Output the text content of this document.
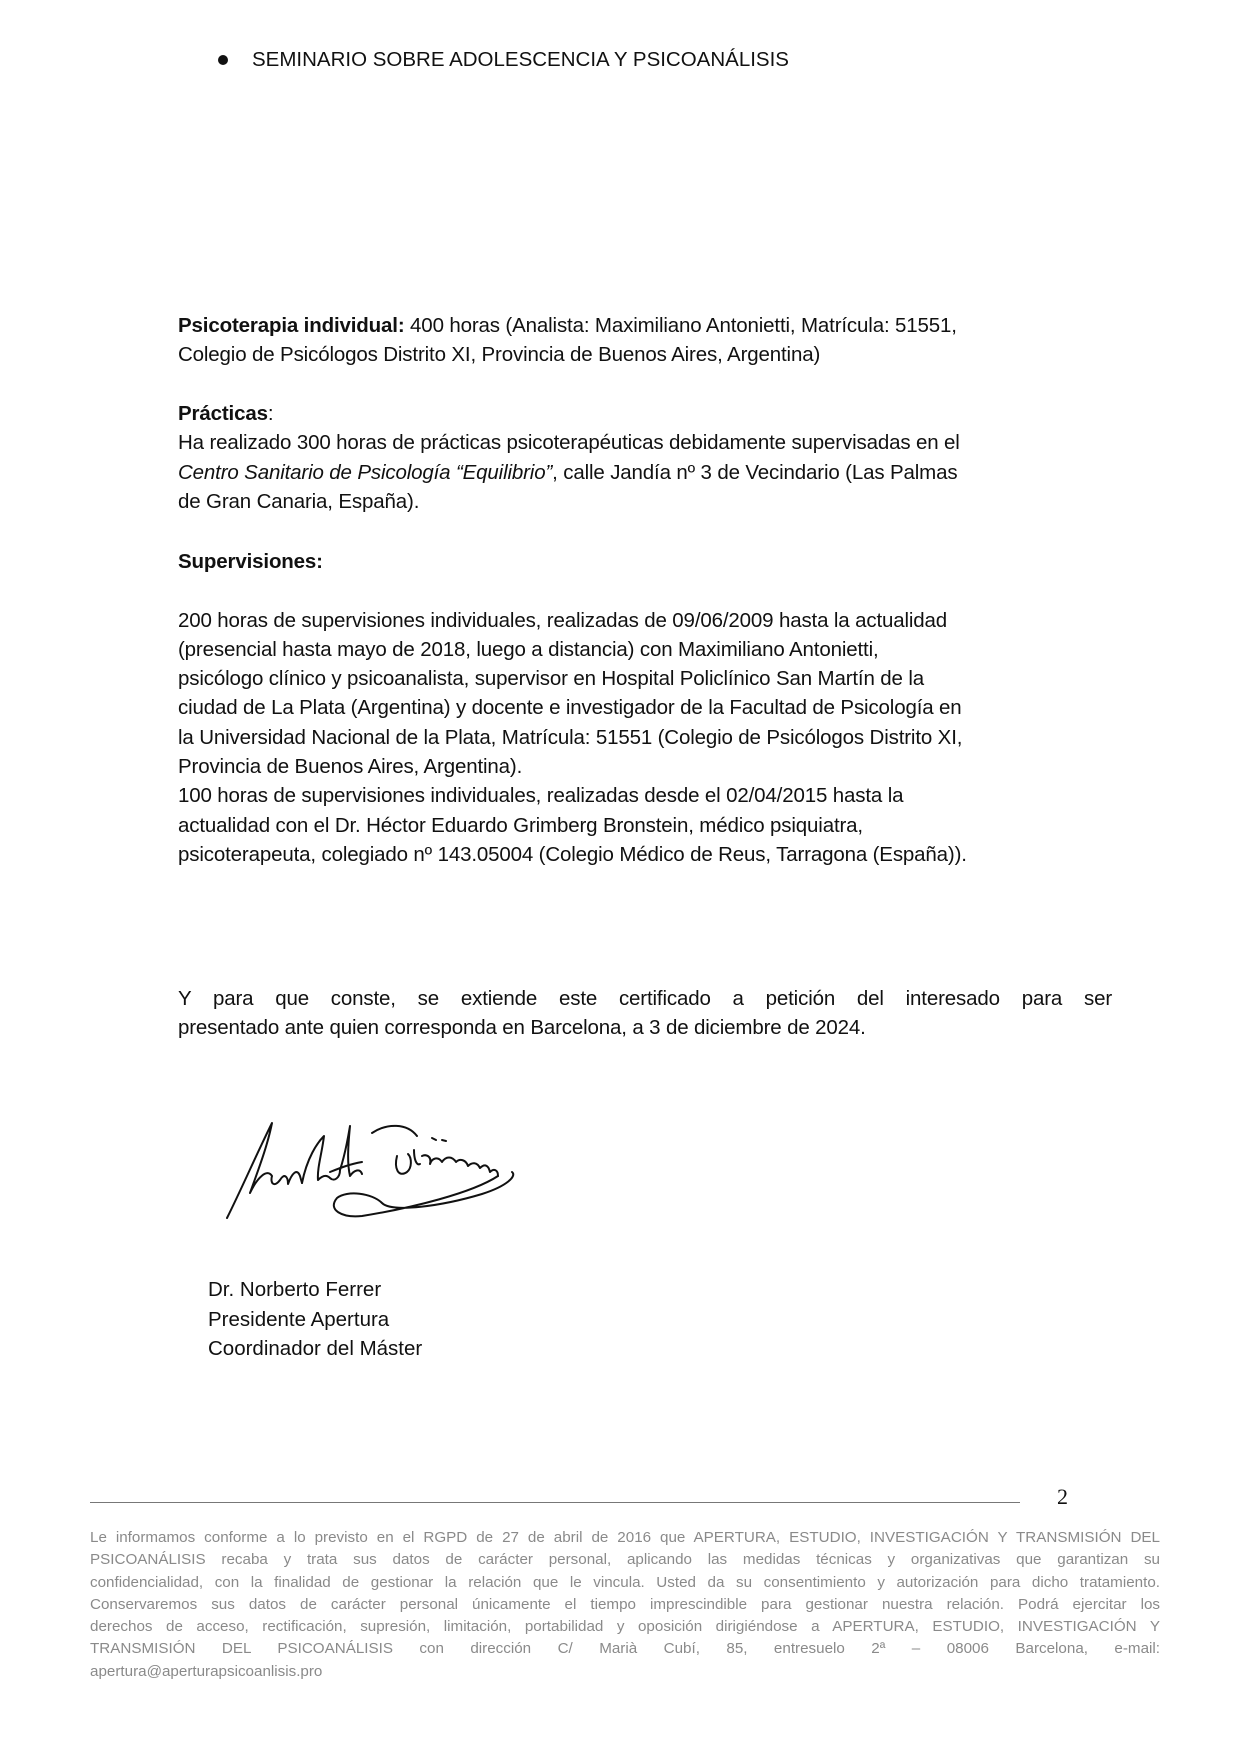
SEMINARIO SOBRE ADOLESCENCIA Y PSICOANÁLISIS
Psicoterapia individual: 400 horas (Analista: Maximiliano Antonietti, Matrícula: 51551,
Colegio de Psicólogos Distrito XI, Provincia de Buenos Aires, Argentina)
Prácticas:
Ha realizado 300 horas de prácticas psicoterapéuticas debidamente supervisadas en el
Centro Sanitario de Psicología “Equilibrio”, calle Jandía nº 3 de Vecindario (Las Palmas
de Gran Canaria, España).
Supervisiones:
200 horas de supervisiones individuales, realizadas de 09/06/2009 hasta la actualidad
(presencial hasta mayo de 2018, luego a distancia) con Maximiliano Antonietti,
psicólogo clínico y psicoanalista, supervisor en Hospital Policlínico San Martín de la
ciudad de La Plata (Argentina) y docente e investigador de la Facultad de Psicología en
la Universidad Nacional de la Plata, Matrícula: 51551 (Colegio de Psicólogos Distrito XI,
Provincia de Buenos Aires, Argentina).
100 horas de supervisiones individuales, realizadas desde el 02/04/2015 hasta la
actualidad con el Dr. Héctor Eduardo Grimberg Bronstein, médico psiquiatra,
psicoterapeuta, colegiado nº 143.05004 (Colegio Médico de Reus, Tarragona (España)).
Y para que conste, se extiende este certificado a petición del interesado para ser
presentado ante quien corresponda en Barcelona, a 3 de diciembre de 2024.
Dr. Norberto Ferrer
Presidente Apertura
Coordinador del Máster
2
Le informamos conforme a lo previsto en el RGPD de 27 de abril de 2016 que APERTURA, ESTUDIO, INVESTIGACIÓN Y TRANSMISIÓN DEL
PSICOANÁLISIS recaba y trata sus datos de carácter personal, aplicando las medidas técnicas y organizativas que garantizan su
confidencialidad, con la finalidad de gestionar la relación que le vincula. Usted da su consentimiento y autorización para dicho tratamiento.
Conservaremos sus datos de carácter personal únicamente el tiempo imprescindible para gestionar nuestra relación. Podrá ejercitar los
derechos de acceso, rectificación, supresión, limitación, portabilidad y oposición dirigiéndose a APERTURA, ESTUDIO, INVESTIGACIÓN Y
TRANSMISIÓN DEL PSICOANÁLISIS con dirección C/ Marià Cubí, 85, entresuelo 2ª – 08006 Barcelona, e-mail:
apertura@aperturapsicoanlisis.pro
